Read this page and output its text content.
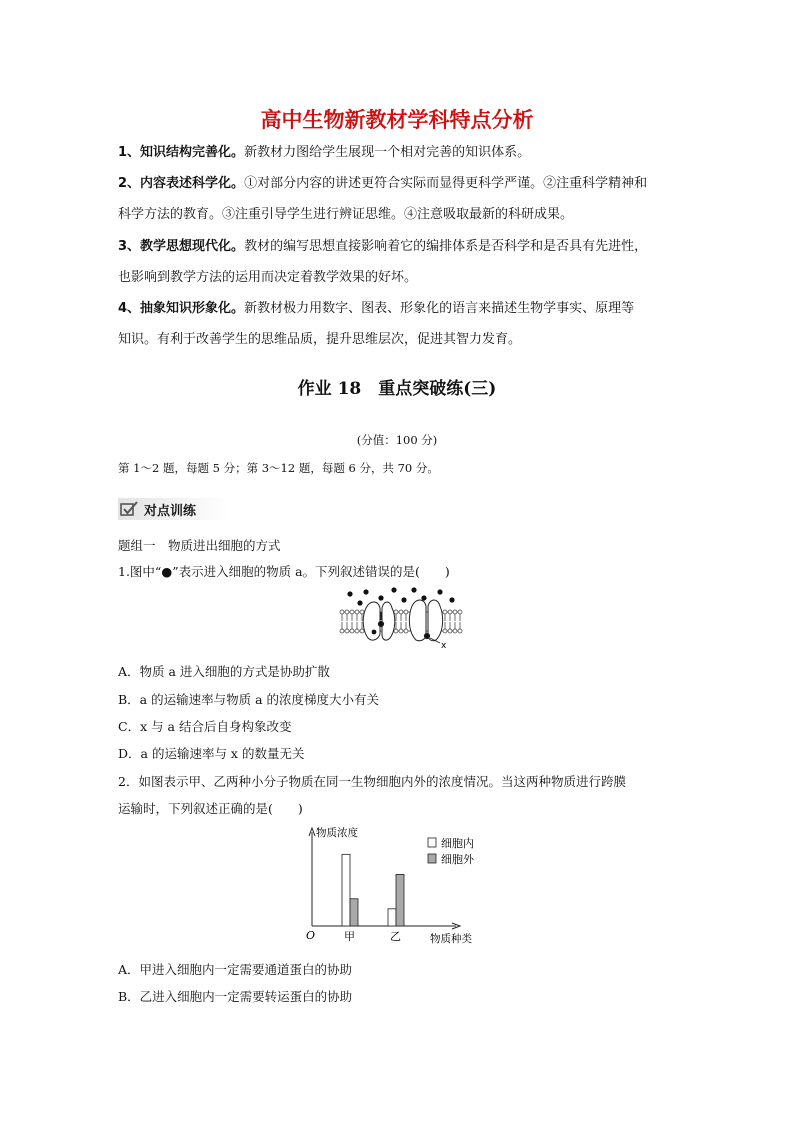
高中生物新教材学科特点分析
1、知识结构完善化。新教材力图给学生展现一个相对完善的知识体系。
2、内容表述科学化。①对部分内容的讲述更符合实际而显得更科学严谨。②注重科学精神和
科学方法的教育。③注重引导学生进行辨证思维。④注意吸取最新的科研成果。
3、教学思想现代化。教材的编写思想直接影响着它的编排体系是否科学和是否具有先进性，
也影响到教学方法的运用而决定着教学效果的好坏。
4、抽象知识形象化。新教材极力用数字、图表、形象化的语言来描述生物学事实、原理等
知识。有利于改善学生的思维品质，提升思维层次，促进其智力发育。
作业 18　重点突破练(三)
(分值：100 分)
第 1～2 题，每题 5 分；第 3～12 题，每题 6 分，共 70 分。
对点训练
题组一　物质进出细胞的方式
1.图中“●”表示进入细胞的物质 a。下列叙述错误的是(　　)
x
A．物质 a 进入细胞的方式是协助扩散
B．a 的运输速率与物质 a 的浓度梯度大小有关
C．x 与 a 结合后自身构象改变
D．a 的运输速率与 x 的数量无关
2．如图表示甲、乙两种小分子物质在同一生物细胞内外的浓度情况。当这两种物质进行跨膜
运输时，下列叙述正确的是(　　)
物质浓度
物质种类
O	甲	乙
细胞内
细胞外
A．甲进入细胞内一定需要通道蛋白的协助
B．乙进入细胞内一定需要转运蛋白的协助
